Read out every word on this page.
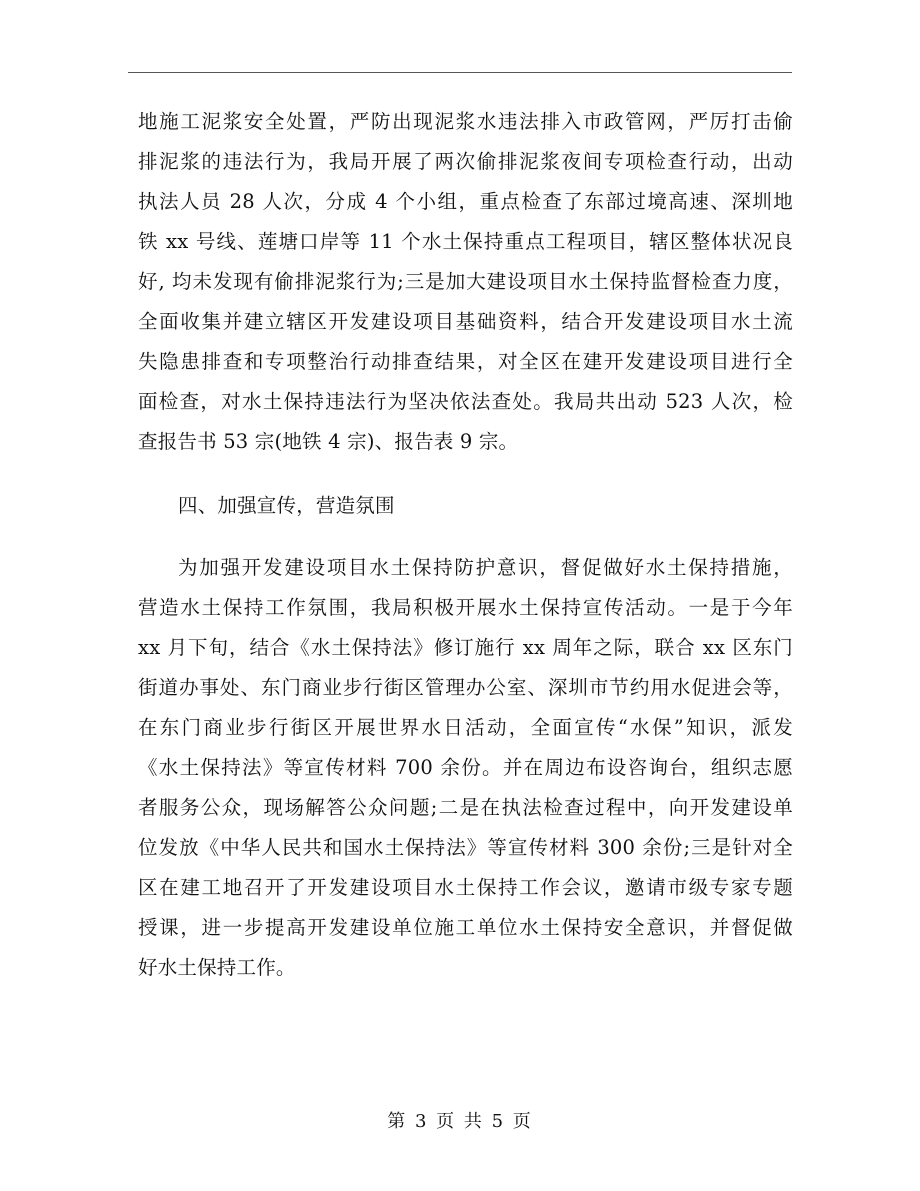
地施工泥浆安全处置，严防出现泥浆水违法排入市政管网，严厉打击偷
排泥浆的违法行为，我局开展了两次偷排泥浆夜间专项检查行动，出动
执法人员 28 人次，分成 4 个小组，重点检查了东部过境高速、深圳地
铁 xx 号线、莲塘口岸等 11 个水土保持重点工程项目，辖区整体状况良
好, 均未发现有偷排泥浆行为;三是加大建设项目水土保持监督检查力度，
全面收集并建立辖区开发建设项目基础资料，结合开发建设项目水土流
失隐患排查和专项整治行动排查结果，对全区在建开发建设项目进行全
面检查，对水土保持违法行为坚决依法查处。我局共出动 523 人次，检
查报告书 53 宗(地铁 4 宗)、报告表 9 宗。
四、加强宣传，营造氛围
为加强开发建设项目水土保持防护意识，督促做好水土保持措施，
营造水土保持工作氛围，我局积极开展水土保持宣传活动。一是于今年
xx 月下旬，结合《水土保持法》修订施行 xx 周年之际，联合 xx 区东门
街道办事处、东门商业步行街区管理办公室、深圳市节约用水促进会等，
在东门商业步行街区开展世界水日活动，全面宣传“水保”知识，派发
《水土保持法》等宣传材料 700 余份。并在周边布设咨询台，组织志愿
者服务公众，现场解答公众问题;二是在执法检查过程中，向开发建设单
位发放《中华人民共和国水土保持法》等宣传材料 300 余份;三是针对全
区在建工地召开了开发建设项目水土保持工作会议，邀请市级专家专题
授课，进一步提高开发建设单位施工单位水土保持安全意识，并督促做
好水土保持工作。
第 3 页 共 5 页
